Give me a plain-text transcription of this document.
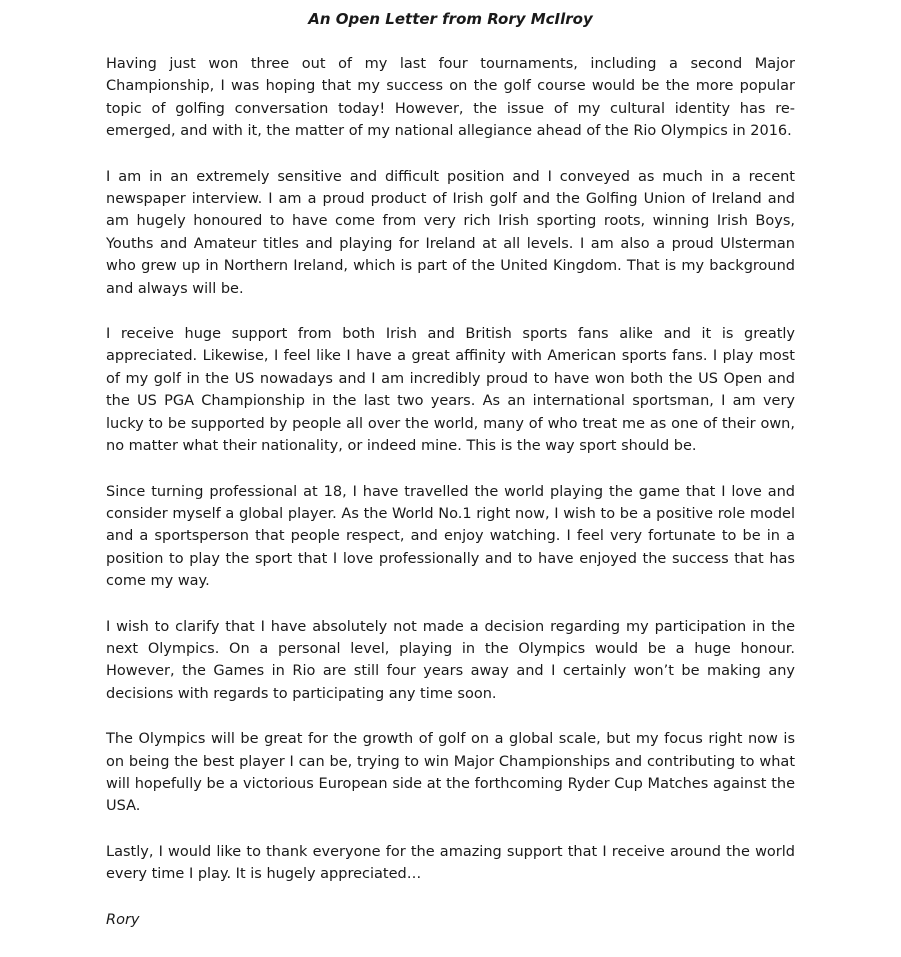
An Open Letter from Rory McIlroy

Having just won three out of my last four tournaments, including a second Major Championship, I was hoping that my success on the golf course would be the more popular topic of golfing conversation today! However, the issue of my cultural identity has re-emerged, and with it, the matter of my national allegiance ahead of the Rio Olympics in 2016.

I am in an extremely sensitive and difficult position and I conveyed as much in a recent newspaper interview. I am a proud product of Irish golf and the Golfing Union of Ireland and am hugely honoured to have come from very rich Irish sporting roots, winning Irish Boys, Youths and Amateur titles and playing for Ireland at all levels. I am also a proud Ulsterman who grew up in Northern Ireland, which is part of the United Kingdom. That is my background and always will be.

I receive huge support from both Irish and British sports fans alike and it is greatly appreciated. Likewise, I feel like I have a great affinity with American sports fans. I play most of my golf in the US nowadays and I am incredibly proud to have won both the US Open and the US PGA Championship in the last two years. As an international sportsman, I am very lucky to be supported by people all over the world, many of who treat me as one of their own, no matter what their nationality, or indeed mine. This is the way sport should be.

Since turning professional at 18, I have travelled the world playing the game that I love and consider myself a global player. As the World No.1 right now, I wish to be a positive role model and a sportsperson that people respect, and enjoy watching. I feel very fortunate to be in a position to play the sport that I love professionally and to have enjoyed the success that has come my way.

I wish to clarify that I have absolutely not made a decision regarding my participation in the next Olympics. On a personal level, playing in the Olympics would be a huge honour. However, the Games in Rio are still four years away and I certainly won’t be making any decisions with regards to participating any time soon.

The Olympics will be great for the growth of golf on a global scale, but my focus right now is on being the best player I can be, trying to win Major Championships and contributing to what will hopefully be a victorious European side at the forthcoming Ryder Cup Matches against the USA.

Lastly, I would like to thank everyone for the amazing support that I receive around the world every time I play. It is hugely appreciated…

Rory
